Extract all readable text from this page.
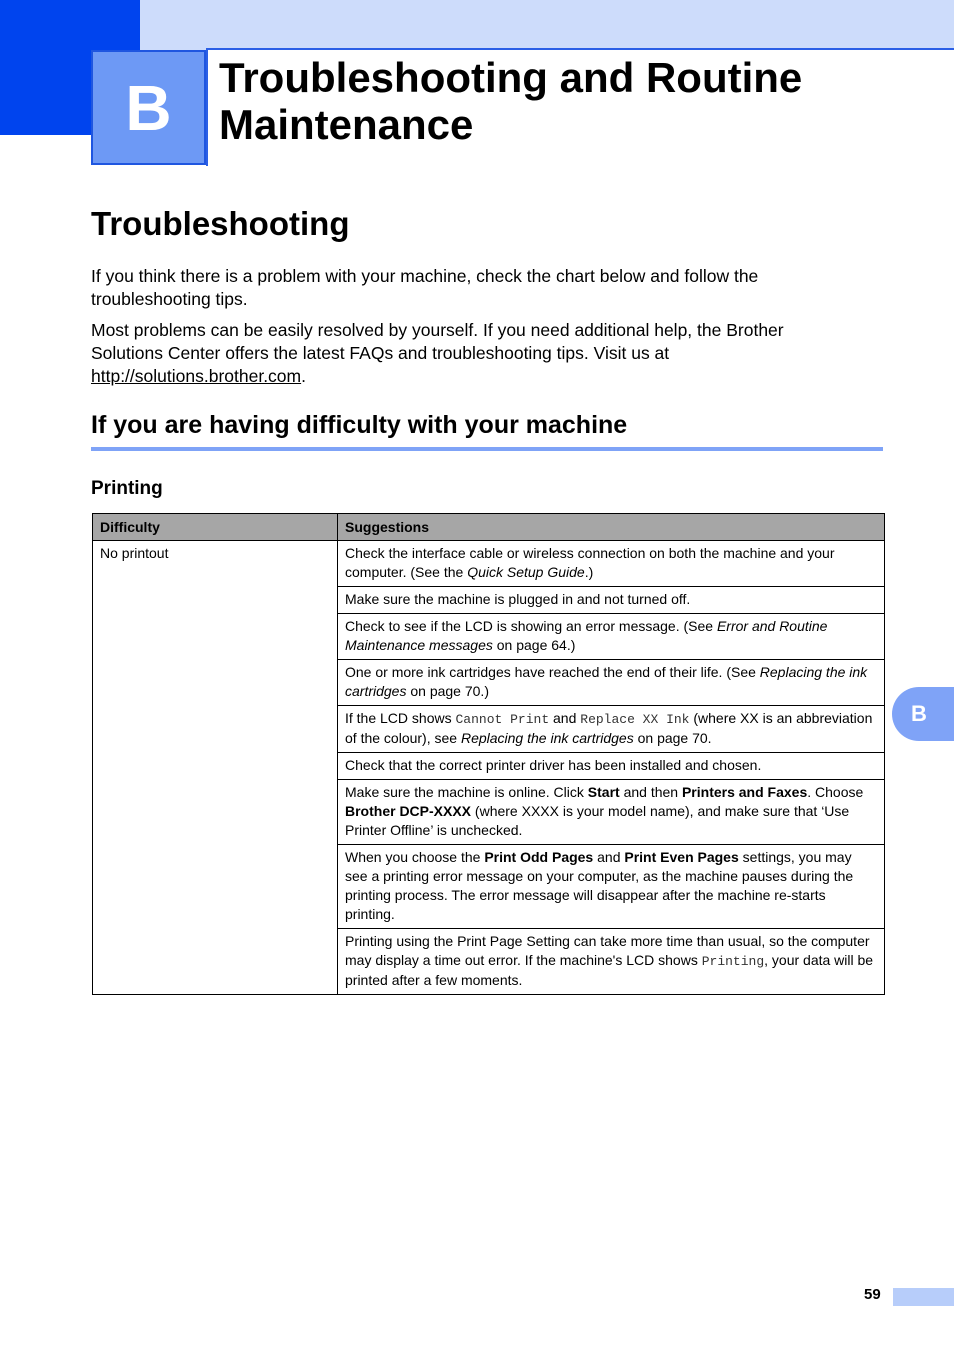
B Troubleshooting and Routine Maintenance
Troubleshooting

If you think there is a problem with your machine, check the chart below and follow the troubleshooting tips.

Most problems can be easily resolved by yourself. If you need additional help, the Brother Solutions Center offers the latest FAQs and troubleshooting tips. Visit us at
http://solutions.brother.com.

If you are having difficulty with your machine
Printing
Difficulty	Suggestions
No printout	Check the interface cable or wireless connection on both the machine and your computer. (See the Quick Setup Guide.)
	Make sure the machine is plugged in and not turned off.
	Check to see if the LCD is showing an error message. (See Error and Routine Maintenance messages on page 64.)
	One or more ink cartridges have reached the end of their life. (See Replacing the ink cartridges on page 70.)
	If the LCD shows Cannot Print and Replace XX Ink (where XX is an abbreviation of the colour), see Replacing the ink cartridges on page 70.
	Check that the correct printer driver has been installed and chosen.
	Make sure the machine is online. Click Start and then Printers and Faxes. Choose Brother DCP-XXXX (where XXXX is your model name), and make sure that ‘Use Printer Offline’ is unchecked.
	When you choose the Print Odd Pages and Print Even Pages settings, you may see a printing error message on your computer, as the machine pauses during the printing process. The error message will disappear after the machine re-starts printing.
	Printing using the Print Page Setting can take more time than usual, so the computer may display a time out error. If the machine's LCD shows Printing, your data will be printed after a few moments.
B
59
